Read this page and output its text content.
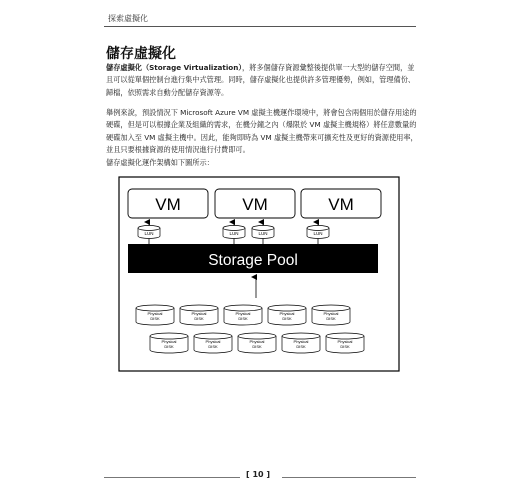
探索虛擬化
儲存虛擬化
儲存虛擬化（Storage Virtualization），將多個儲存資源彙整後提供單一大型的儲存空間，並且可以從單個控制台進行集中式管理。同時，儲存虛擬化也提供許多管理優勢，例如，管理備份、歸檔，依照需求自動分配儲存資源等。
舉例來說，預設情況下 Microsoft Azure VM 虛擬主機運作環境中，將會包含兩個用於儲存用途的硬碟，但是可以根據企業及組織的需求，在機分鐘之內（爆限於 VM 虛擬主機規格）將任意數量的硬碟加入至 VM 虛擬主機中。因此，能夠即時為 VM 虛擬主機帶來可擴充性及更好的資源使用率，並且只要根據資源的使用情況進行付費即可。
儲存虛擬化運作架構如下圖所示：
VM	VM	VM
LUN	LUN	LUN	LUN
Storage Pool
Physical
DISK
Physical
DISK
Physical
DISK
Physical
DISK
Physical
DISK
Physical
DISK
Physical
DISK
Physical
DISK
Physical
DISK
Physical
DISK
[ 10 ]
